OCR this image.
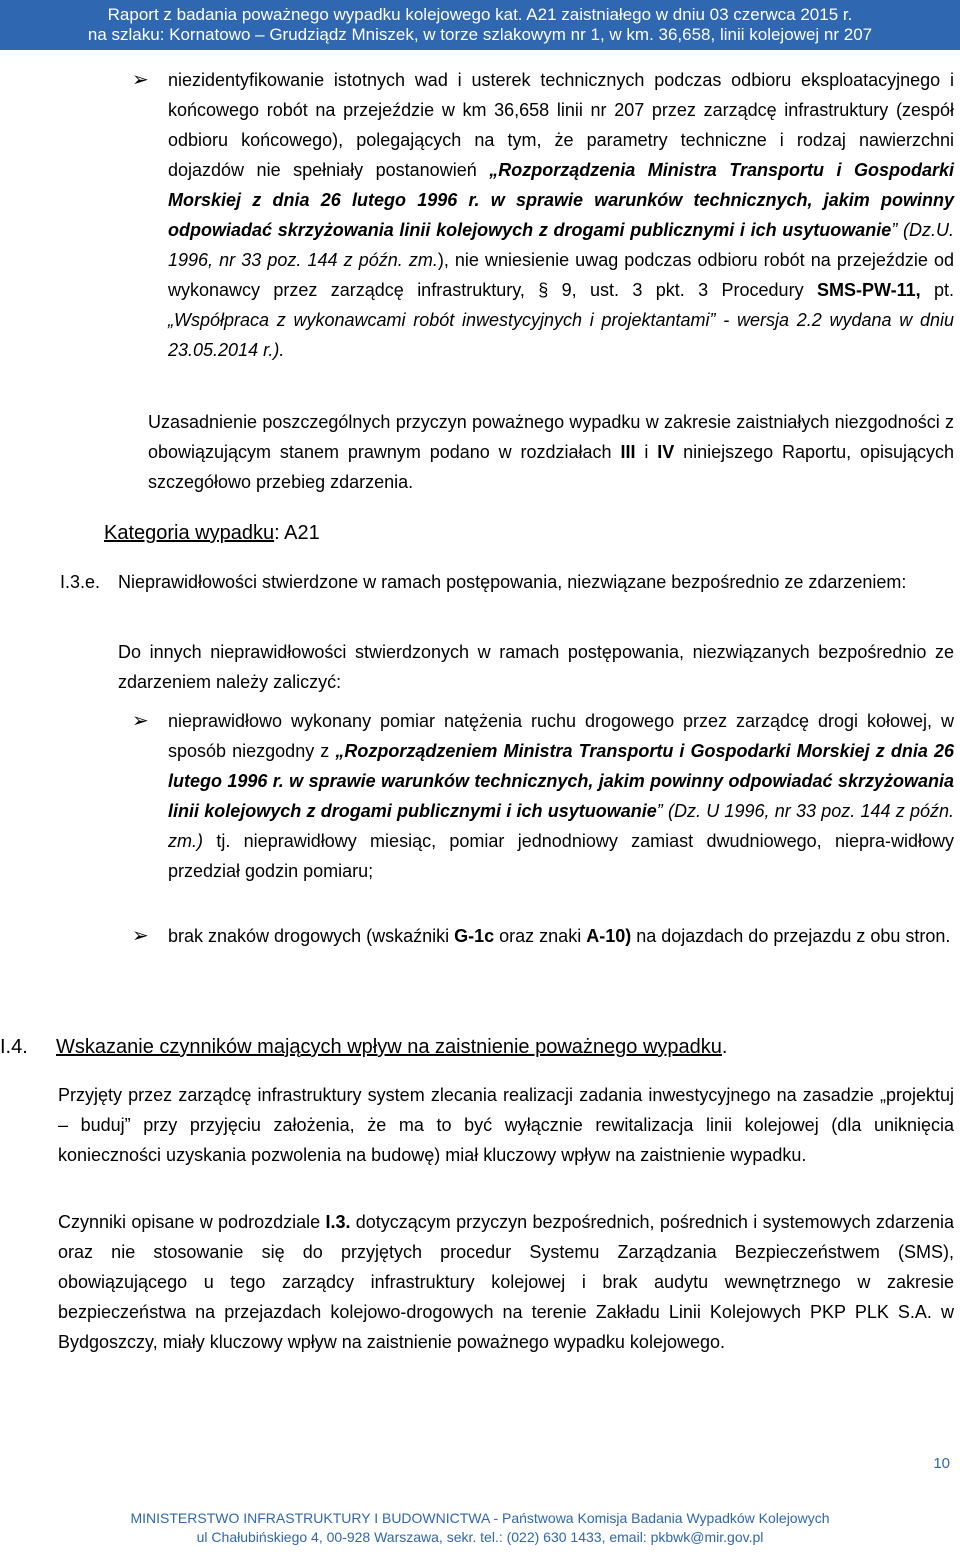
Raport z badania poważnego wypadku kolejowego kat. A21 zaistniałego w dniu 03 czerwca 2015 r.
na szlaku: Kornatowo – Grudziądz Mniszek, w torze szlakowym nr 1, w km. 36,658, linii kolejowej nr 207
➢ niezidentyfikowanie istotnych wad i usterek technicznych podczas odbioru eksploatacyjnego i końcowego robót na przejeździe w km 36,658 linii nr 207 przez zarządcę infrastruktury (zespół odbioru końcowego), polegających na tym, że parametry techniczne i rodzaj nawierzchni dojazdów nie spełniały postanowień „Rozporządzenia Ministra Transportu i Gospodarki Morskiej z dnia 26 lutego 1996 r. w sprawie warunków technicznych, jakim powinny odpowiadać skrzyżowania linii kolejowych z drogami publicznymi i ich usytuowanie” (Dz.U. 1996, nr 33 poz. 144 z późn. zm.), nie wniesienie uwag podczas odbioru robót na przejeździe od wykonawcy przez zarządcę infrastruktury, § 9, ust. 3 pkt. 3 Procedury SMS-PW-11, pt. „Współpraca z wykonawcami robót inwestycyjnych i projektantami” - wersja 2.2 wydana w dniu 23.05.2014 r.).
Uzasadnienie poszczególnych przyczyn poważnego wypadku w zakresie zaistniałych niezgodności z obowiązującym stanem prawnym podano w rozdziałach III i IV niniejszego Raportu, opisujących szczegółowo przebieg zdarzenia.
Kategoria wypadku: A21
I.3.e. Nieprawidłowości stwierdzone w ramach postępowania, niezwiązane bezpośrednio ze zdarzeniem:
Do innych nieprawidłowości stwierdzonych w ramach postępowania, niezwiązanych bezpośrednio ze zdarzeniem należy zaliczyć:
➢ nieprawidłowo wykonany pomiar natężenia ruchu drogowego przez zarządcę drogi kołowej, w sposób niezgodny z „Rozporządzeniem Ministra Transportu i Gospodarki Morskiej z dnia 26 lutego 1996 r. w sprawie warunków technicznych, jakim powinny odpowiadać skrzyżowania linii kolejowych z drogami publicznymi i ich usytuowanie” (Dz. U 1996, nr 33 poz. 144 z późn. zm.) tj. nieprawidłowy miesiąc, pomiar jednodniowy zamiast dwudniowego, niepra-widłowy przedział godzin pomiaru;
➢ brak znaków drogowych (wskaźniki G-1c oraz znaki A-10) na dojazdach do przejazdu z obu stron.
I.4. Wskazanie czynników mających wpływ na zaistnienie poważnego wypadku.
Przyjęty przez zarządcę infrastruktury system zlecania realizacji zadania inwestycyjnego na zasadzie „projektuj – buduj” przy przyjęciu założenia, że ma to być wyłącznie rewitalizacja linii kolejowej (dla uniknięcia konieczności uzyskania pozwolenia na budowę) miał kluczowy wpływ na zaistnienie wypadku.
Czynniki opisane w podrozdziale I.3. dotyczącym przyczyn bezpośrednich, pośrednich i systemowych zdarzenia oraz nie stosowanie się do przyjętych procedur Systemu Zarządzania Bezpieczeństwem (SMS), obowiązującego u tego zarządcy infrastruktury kolejowej i brak audytu wewnętrznego w zakresie bezpieczeństwa na przejazdach kolejowo-drogowych na terenie Zakładu Linii Kolejowych PKP PLK S.A. w Bydgoszczy, miały kluczowy wpływ na zaistnienie poważnego wypadku kolejowego.
10
MINISTERSTWO INFRASTRUKTURY I BUDOWNICTWA - Państwowa Komisja Badania Wypadków Kolejowych
ul Chałubińskiego 4, 00-928 Warszawa, sekr. tel.: (022) 630 1433, email: pkbwk@mir.gov.pl
